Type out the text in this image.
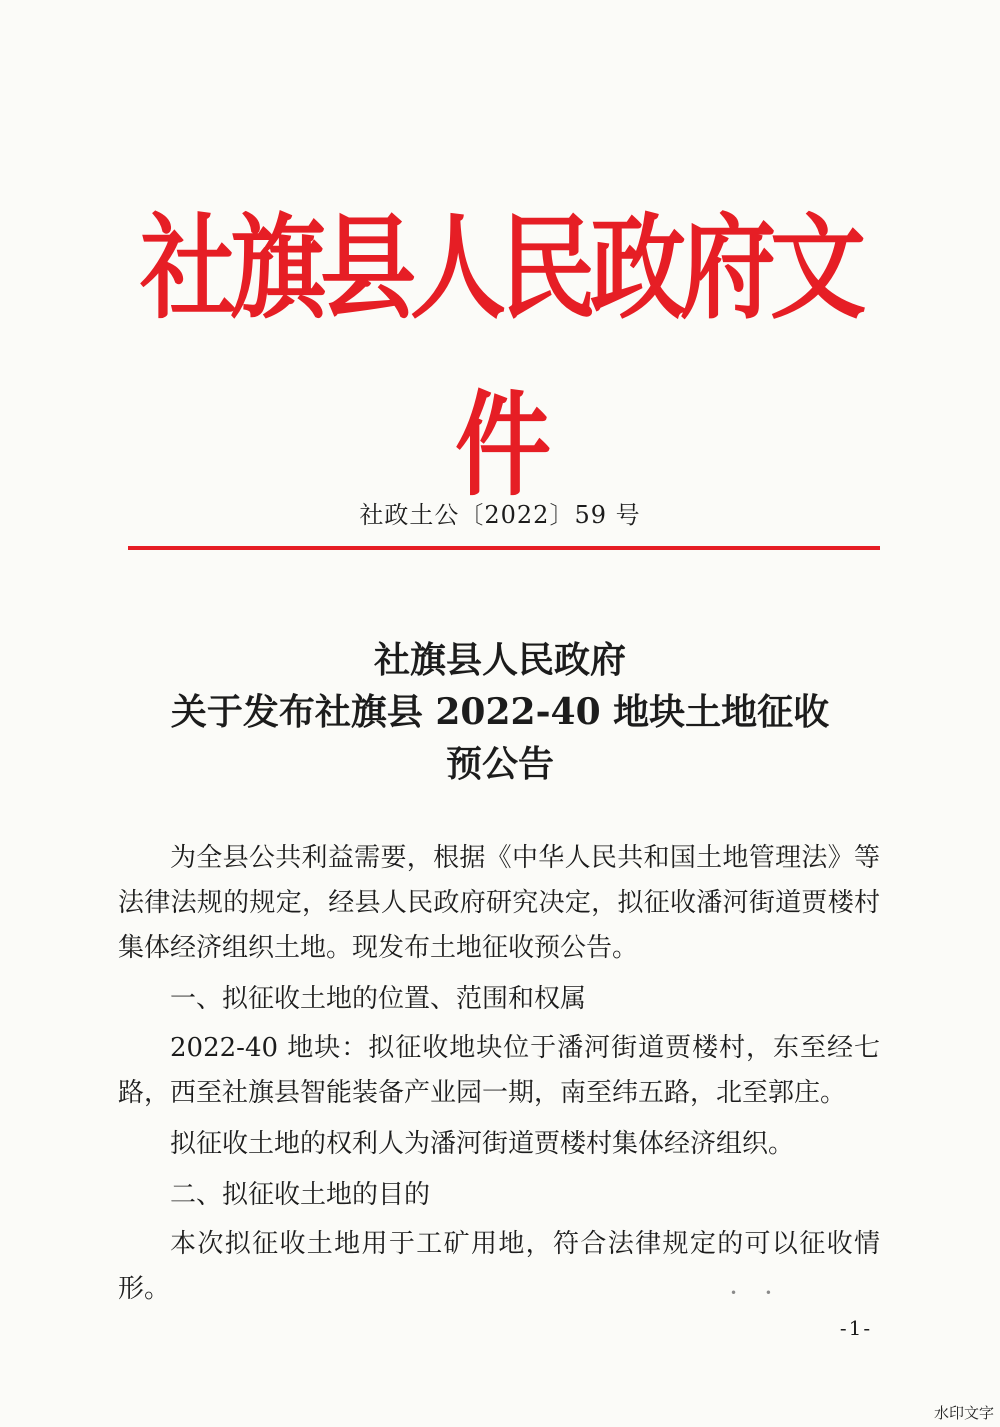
社旗县人民政府文件
社政土公〔2022〕59 号
社旗县人民政府
关于发布社旗县 2022-40 地块土地征收
预公告

为全县公共利益需要，根据《中华人民共和国土地管理法》等法律法规的规定，经县人民政府研究决定，拟征收潘河街道贾楼村集体经济组织土地。现发布土地征收预公告。

一、拟征收土地的位置、范围和权属

2022-40 地块：拟征收地块位于潘河街道贾楼村，东至经七路，西至社旗县智能装备产业园一期，南至纬五路，北至郭庄。

拟征收土地的权利人为潘河街道贾楼村集体经济组织。

二、拟征收土地的目的

本次拟征收土地用于工矿用地，符合法律规定的可以征收情形。	• •
-1-
水印文字
